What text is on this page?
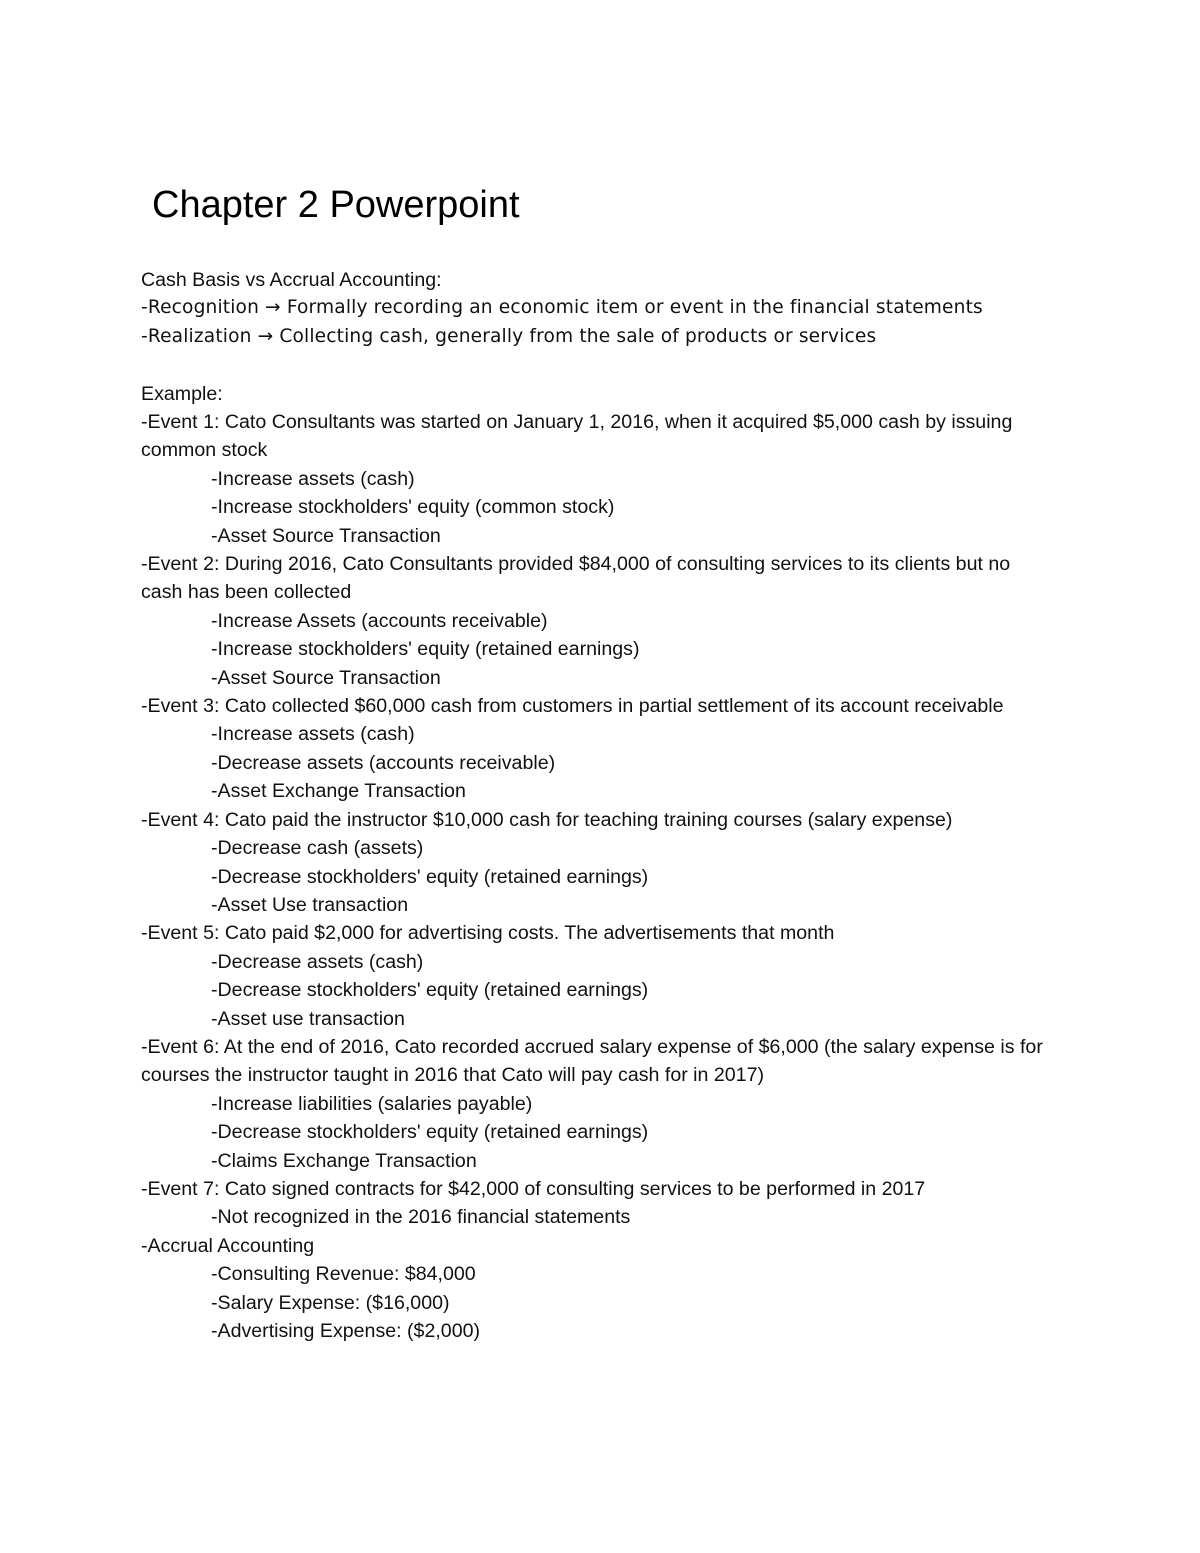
Chapter 2 Powerpoint

Cash Basis vs Accrual Accounting:

-Recognition → Formally recording an economic item or event in the financial statements

-Realization → Collecting cash, generally from the sale of products or services

Example:

-Event 1: Cato Consultants was started on January 1, 2016, when it acquired $5,000 cash by issuing common stock

-Increase assets (cash)

-Increase stockholders' equity (common stock)

-Asset Source Transaction

-Event 2: During 2016, Cato Consultants provided $84,000 of consulting services to its clients but no cash has been collected

-Increase Assets (accounts receivable)

-Increase stockholders' equity (retained earnings)

-Asset Source Transaction

-Event 3: Cato collected $60,000 cash from customers in partial settlement of its account receivable

-Increase assets (cash)

-Decrease assets (accounts receivable)

-Asset Exchange Transaction

-Event 4: Cato paid the instructor $10,000 cash for teaching training courses (salary expense)

-Decrease cash (assets)

-Decrease stockholders' equity (retained earnings)

-Asset Use transaction

-Event 5: Cato paid $2,000 for advertising costs. The advertisements that month

-Decrease assets (cash)

-Decrease stockholders' equity (retained earnings)

-Asset use transaction

-Event 6: At the end of 2016, Cato recorded accrued salary expense of $6,000 (the salary expense is for courses the instructor taught in 2016 that Cato will pay cash for in 2017)

-Increase liabilities (salaries payable)

-Decrease stockholders' equity (retained earnings)

-Claims Exchange Transaction

-Event 7: Cato signed contracts for $42,000 of consulting services to be performed in 2017

-Not recognized in the 2016 financial statements

-Accrual Accounting

-Consulting Revenue: $84,000

-Salary Expense: ($16,000)

-Advertising Expense: ($2,000)
